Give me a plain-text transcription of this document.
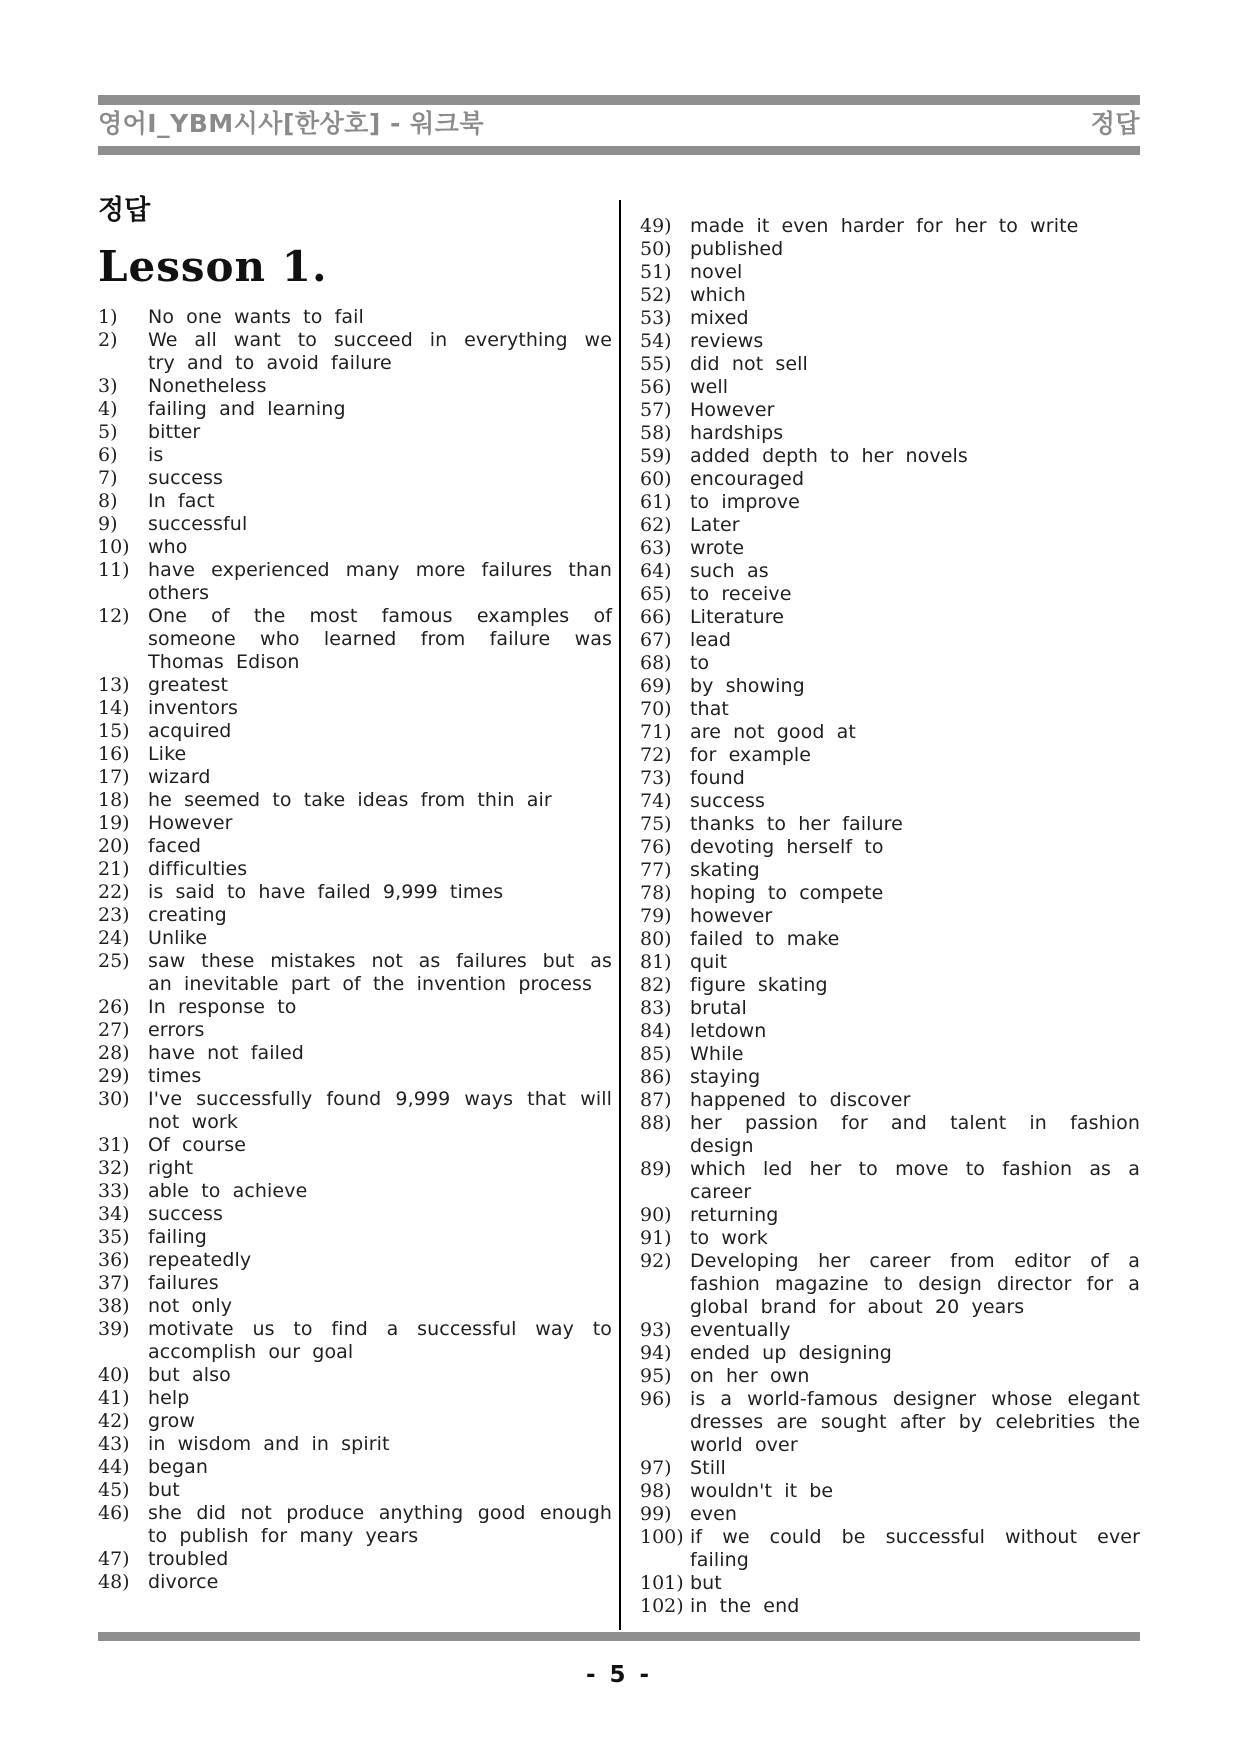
영어I_YBM시사[한상호] - 워크북	정답
정답
Lesson 1.
1)	No one wants to fail
2)	We all want to succeed in everything we try and to avoid failure
3)	Nonetheless
4)	failing and learning
5)	bitter
6)	is
7)	success
8)	In fact
9)	successful
10) who
11) have experienced many more failures than others
12) One of the most famous examples of someone who learned from failure was Thomas Edison
13) greatest
14) inventors
15) acquired
16) Like
17) wizard
18) he seemed to take ideas from thin air
19) However
20) faced
21) difficulties
22) is said to have failed 9,999 times
23) creating
24) Unlike
25) saw these mistakes not as failures but as an inevitable part of the invention process
26) In response to
27) errors
28) have not failed
29) times
30) I've successfully found 9,999 ways that will not work
31) Of course
32) right
33) able to achieve
34) success
35) failing
36) repeatedly
37) failures
38) not only
39) motivate us to find a successful way to accomplish our goal
40) but also
41) help
42) grow
43) in wisdom and in spirit
44) began
45) but
46) she did not produce anything good enough to publish for many years
47) troubled
48) divorce
49) made it even harder for her to write
50) published
51) novel
52) which
53) mixed
54) reviews
55) did not sell
56) well
57) However
58) hardships
59) added depth to her novels
60) encouraged
61) to improve
62) Later
63) wrote
64) such as
65) to receive
66) Literature
67) lead
68) to
69) by showing
70) that
71) are not good at
72) for example
73) found
74) success
75) thanks to her failure
76) devoting herself to
77) skating
78) hoping to compete
79) however
80) failed to make
81) quit
82) figure skating
83) brutal
84) letdown
85) While
86) staying
87) happened to discover
88) her passion for and talent in fashion design
89) which led her to move to fashion as a career
90) returning
91) to work
92) Developing her career from editor of a fashion magazine to design director for a global brand for about 20 years
93) eventually
94) ended up designing
95) on her own
96) is a world-famous designer whose elegant dresses are sought after by celebrities the world over
97) Still
98) wouldn't it be
99) even
100) if we could be successful without ever failing
101) but
102) in the end
- 5 -
